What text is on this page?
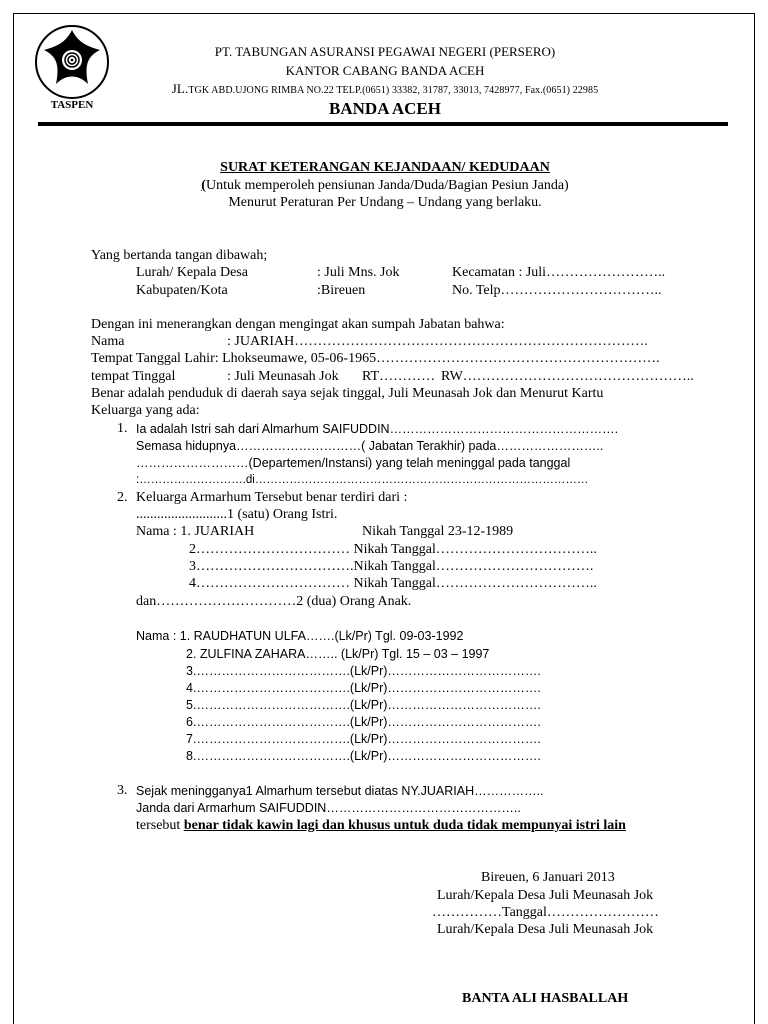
TASPEN
PT. TABUNGAN ASURANSI PEGAWAI NEGERI (PERSERO)
KANTOR CABANG BANDA ACEH
JL.TGK ABD.UJONG RIMBA NO.22 TELP.(0651) 33382, 31787, 33013, 7428977, Fax.(0651) 22985
BANDA ACEH
SURAT KETERANGAN KEJANDAAN/ KEDUDAAN
(Untuk memperoleh pensiunan Janda/Duda/Bagian Pesiun Janda)
Menurut Peraturan Per Undang – Undang yang berlaku.
Yang bertanda tangan dibawah;
Lurah/ Kepala Desa	: Juli Mns. Jok	Kecamatan : Juli……………………..
Kabupaten/Kota	:Bireuen	No. Telp……………………………..
Dengan ini menerangkan dengan mengingat akan sumpah Jabatan bahwa:
Nama	: JUARIAH………………………………………………………………….
Tempat Tanggal Lahir: Lhokseumawe, 05-06-1965…………………………………………………….
tempat Tinggal	: Juli Meunasah Jok RT………… RW…………………………………………..
Benar adalah penduduk di daerah saya sejak tinggal, Juli Meunasah Jok dan Menurut Kartu
Keluarga yang ada:
1. Ia adalah Istri sah dari Almarhum SAIFUDDIN……………………………………………….
Semasa hidupnya…………………………( Jabatan Terakhir) pada……………………..
………………………(Departemen/Instansi) yang telah meninggal pada tanggal
:……………………….di……………………………………………………………………………
2. Keluarga Armarhum Tersebut benar terdiri dari :
..........................1 (satu) Orang Istri.
Nama : 1. JUARIAH	Nikah Tanggal 23-12-1989
2…………………………… Nikah Tanggal……………………………..
3…………………………….Nikah Tanggal…………………………….
4…………………………… Nikah Tanggal……………………………..
dan…………………………2 (dua) Orang Anak.
Nama : 1. RAUDHATUN ULFA…….(Lk/Pr) Tgl. 09-03-1992
2. ZULFINA ZAHARA…….. (Lk/Pr) Tgl. 15 – 03 – 1997
3.……………………………….(Lk/Pr)……………………………….
4.……………………………….(Lk/Pr)……………………………….
5.……………………………….(Lk/Pr)……………………………….
6.……………………………….(Lk/Pr)……………………………….
7.……………………………….(Lk/Pr)……………………………….
8.……………………………….(Lk/Pr)……………………………….
3. Sejak meningganya1 Almarhum tersebut diatas NY.JUARIAH……………..
Janda dari Armarhum SAIFUDDIN………………………………………..
tersebut benar tidak kawin lagi dan khusus untuk duda tidak mempunyai istri lain
Bireuen, 6 Januari 2013
Lurah/Kepala Desa Juli Meunasah Jok
……………Tanggal……………………
Lurah/Kepala Desa Juli Meunasah Jok
BANTA ALI HASBALLAH
